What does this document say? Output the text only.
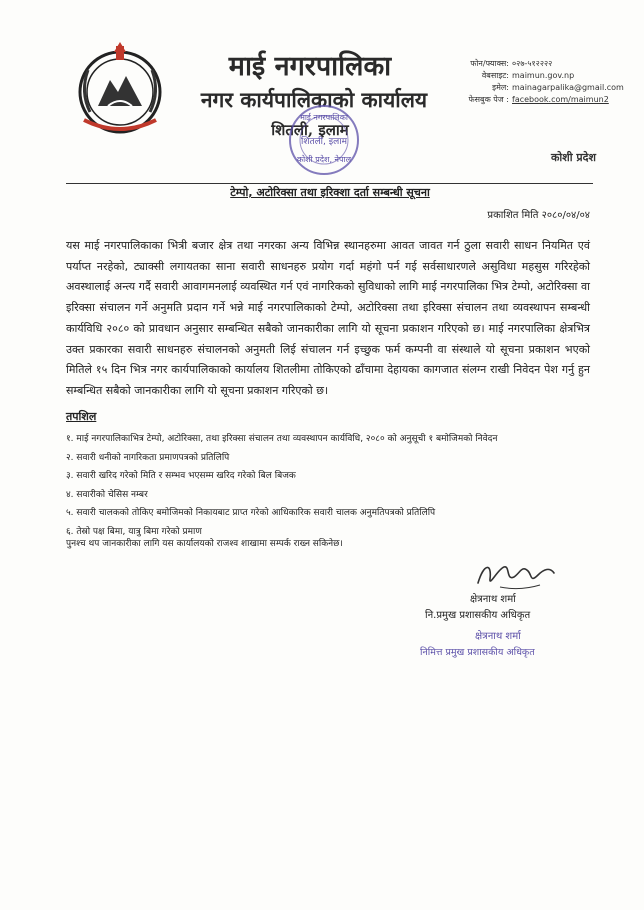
माई नगरपालिका
नगर कार्यपालिकाको कार्यालय
शितली, इलाम
माई नगरपालिका
शितली, इलाम
कोशी प्रदेश, नेपाल
फोन/फ्याक्स: ०२७-५१२२२२
वेबसाइट: maimun.gov.np
इमेल: mainagarpalika@gmail.com
फेसबुक पेज : facebook.com/maimun2
कोशी प्रदेश
टेम्पो, अटोरिक्सा तथा इरिक्शा दर्ता सम्बन्धी सूचना
प्रकाशित मिति २०८०/०४/०४
यस माई नगरपालिकाका भित्री बजार क्षेत्र तथा नगरका अन्य विभिन्न स्थानहरुमा आवत जावत गर्न ठुला सवारी साधन नियमित एवं पर्याप्त नरहेको, ट्याक्सी लगायतका साना सवारी साधनहरु प्रयोग गर्दा महंगो पर्न गई सर्वसाधारणले असुविधा महसुस गरिरहेको अवस्थालाई अन्त्य गर्दै सवारी आवागमनलाई व्यवस्थित गर्न एवं नागरिकको सुविधाको लागि माई नगरपालिका भित्र टेम्पो, अटोरिक्सा वा इरिक्सा संचालन गर्ने अनुमति प्रदान गर्ने भन्ने माई नगरपालिकाको टेम्पो, अटोरिक्सा तथा इरिक्सा संचालन तथा व्यवस्थापन सम्बन्धी कार्यविधि २०८० को प्रावधान अनुसार सम्बन्धित सबैको जानकारीका लागि यो सूचना प्रकाशन गरिएको छ। माई नगरपालिका क्षेत्रभित्र उक्त प्रकारका सवारी साधनहरु संचालनको अनुमती लिई संचालन गर्न इच्छुक फर्म कम्पनी वा संस्थाले यो सूचना प्रकाशन भएको मितिले १५ दिन भित्र नगर कार्यपालिकाको कार्यालय शितलीमा तोकिएको ढाँचामा देहायका कागजात संलग्न राखी निवेदन पेश गर्नु हुन सम्बन्धित सबैको जानकारीका लागि यो सूचना प्रकाशन गरिएको छ।
तपशिल
१. माई नगरपालिकाभित्र टेम्पो, अटोरिक्सा, तथा इरिक्सा संचालन तथा व्यवस्थापन कार्यविधि, २०८० को अनुसूची १ बमोजिमको निवेदन
२. सवारी धनीको नागरिकता प्रमाणपत्रको प्रतिलिपि
३. सवारी खरिद गरेको मिति र सम्भव भएसम्म खरिद गरेको बिल बिजक
४. सवारीको चेसिस नम्बर
५. सवारी चालकको तोकिए बमोजिमको निकायबाट प्राप्त गरेको आधिकारिक सवारी चालक अनुमतिपत्रको प्रतिलिपि
६. तेस्रो पक्ष बिमा, यात्रु बिमा गरेको प्रमाण
पुनश्च थप जानकारीका लागि यस कार्यालयको राजश्व शाखामा सम्पर्क राख्न सकिनेछ।
क्षेत्रनाथ शर्मा
नि.प्रमुख प्रशासकीय अधिकृत
क्षेत्रनाथ शर्मा
निमित्त प्रमुख प्रशासकीय अधिकृत
